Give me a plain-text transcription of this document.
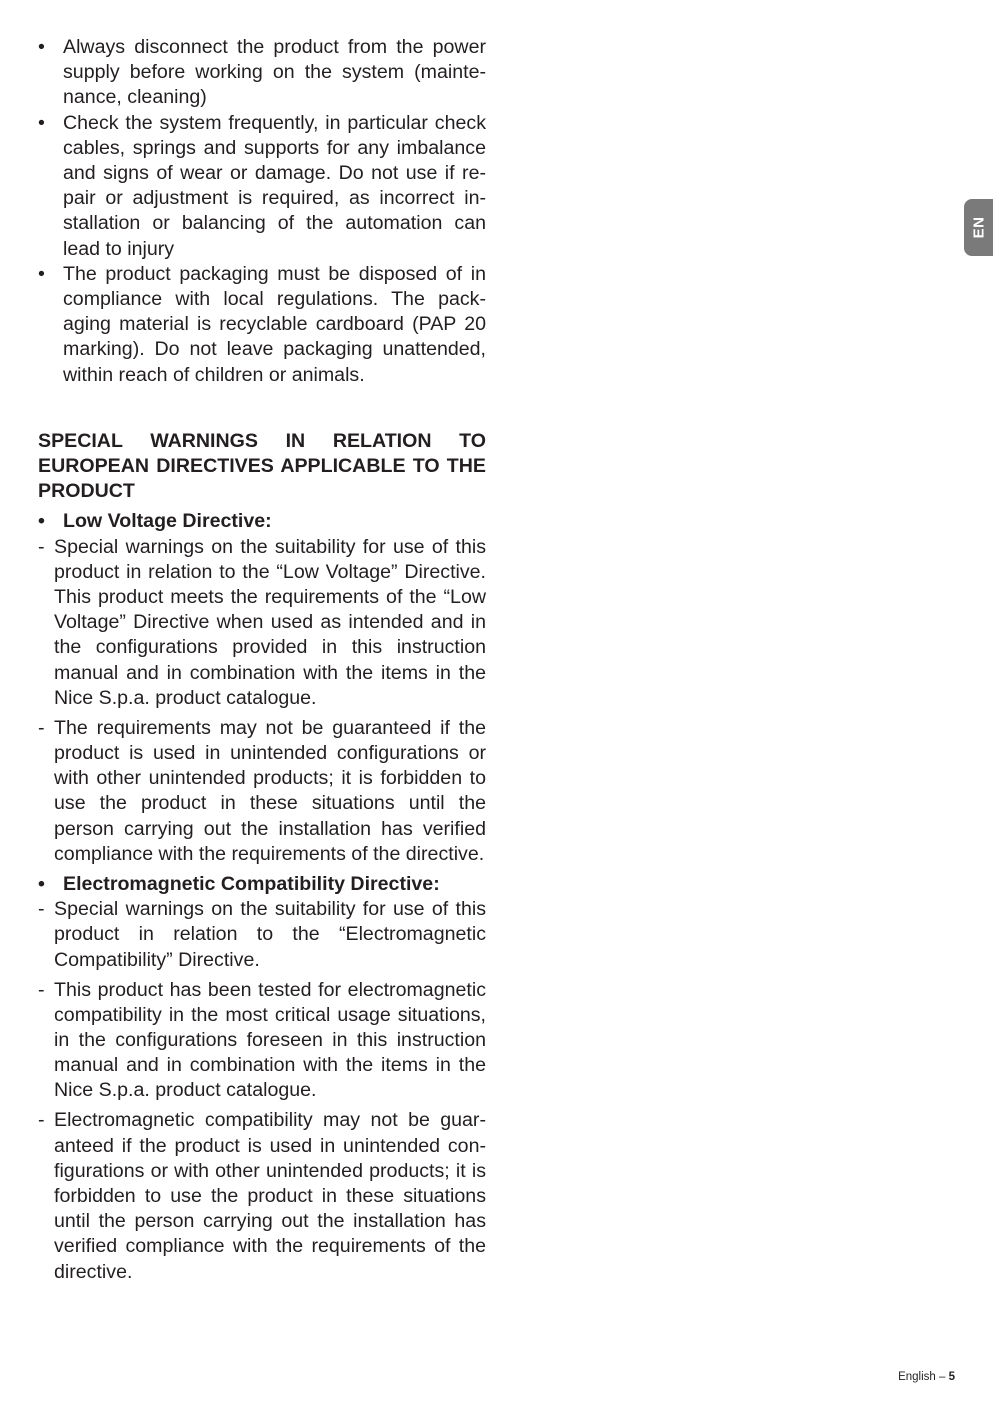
• Always disconnect the product from the power supply before working on the system (maintenance, cleaning)
• Check the system frequently, in particular check cables, springs and supports for any imbalance and signs of wear or damage. Do not use if repair or adjustment is required, as incorrect installation or balancing of the automation can lead to injury
• The product packaging must be disposed of in compliance with local regulations. The packaging material is recyclable cardboard (PAP 20 marking). Do not leave packaging unattended, within reach of children or animals.
SPECIAL WARNINGS IN RELATION TO EUROPEAN DIRECTIVES APPLICABLE TO THE PRODUCT
• Low Voltage Directive:
- Special warnings on the suitability for use of this product in relation to the “Low Voltage” Directive. This product meets the requirements of the “Low Voltage” Directive when used as intended and in the configurations provided in this instruction manual and in combination with the items in the Nice S.p.a. product catalogue.
- The requirements may not be guaranteed if the product is used in unintended configurations or with other unintended products; it is forbidden to use the product in these situations until the person carrying out the installation has verified compliance with the requirements of the directive.
• Electromagnetic Compatibility Directive:
- Special warnings on the suitability for use of this product in relation to the “Electromagnetic Compatibility” Directive.
- This product has been tested for electromagnetic compatibility in the most critical usage situations, in the configurations foreseen in this instruction manual and in combination with the items in the Nice S.p.a. product catalogue.
- Electromagnetic compatibility may not be guaranteed if the product is used in unintended configurations or with other unintended products; it is forbidden to use the product in these situations until the person carrying out the installation has verified compliance with the requirements of the directive.
EN
English – 5
